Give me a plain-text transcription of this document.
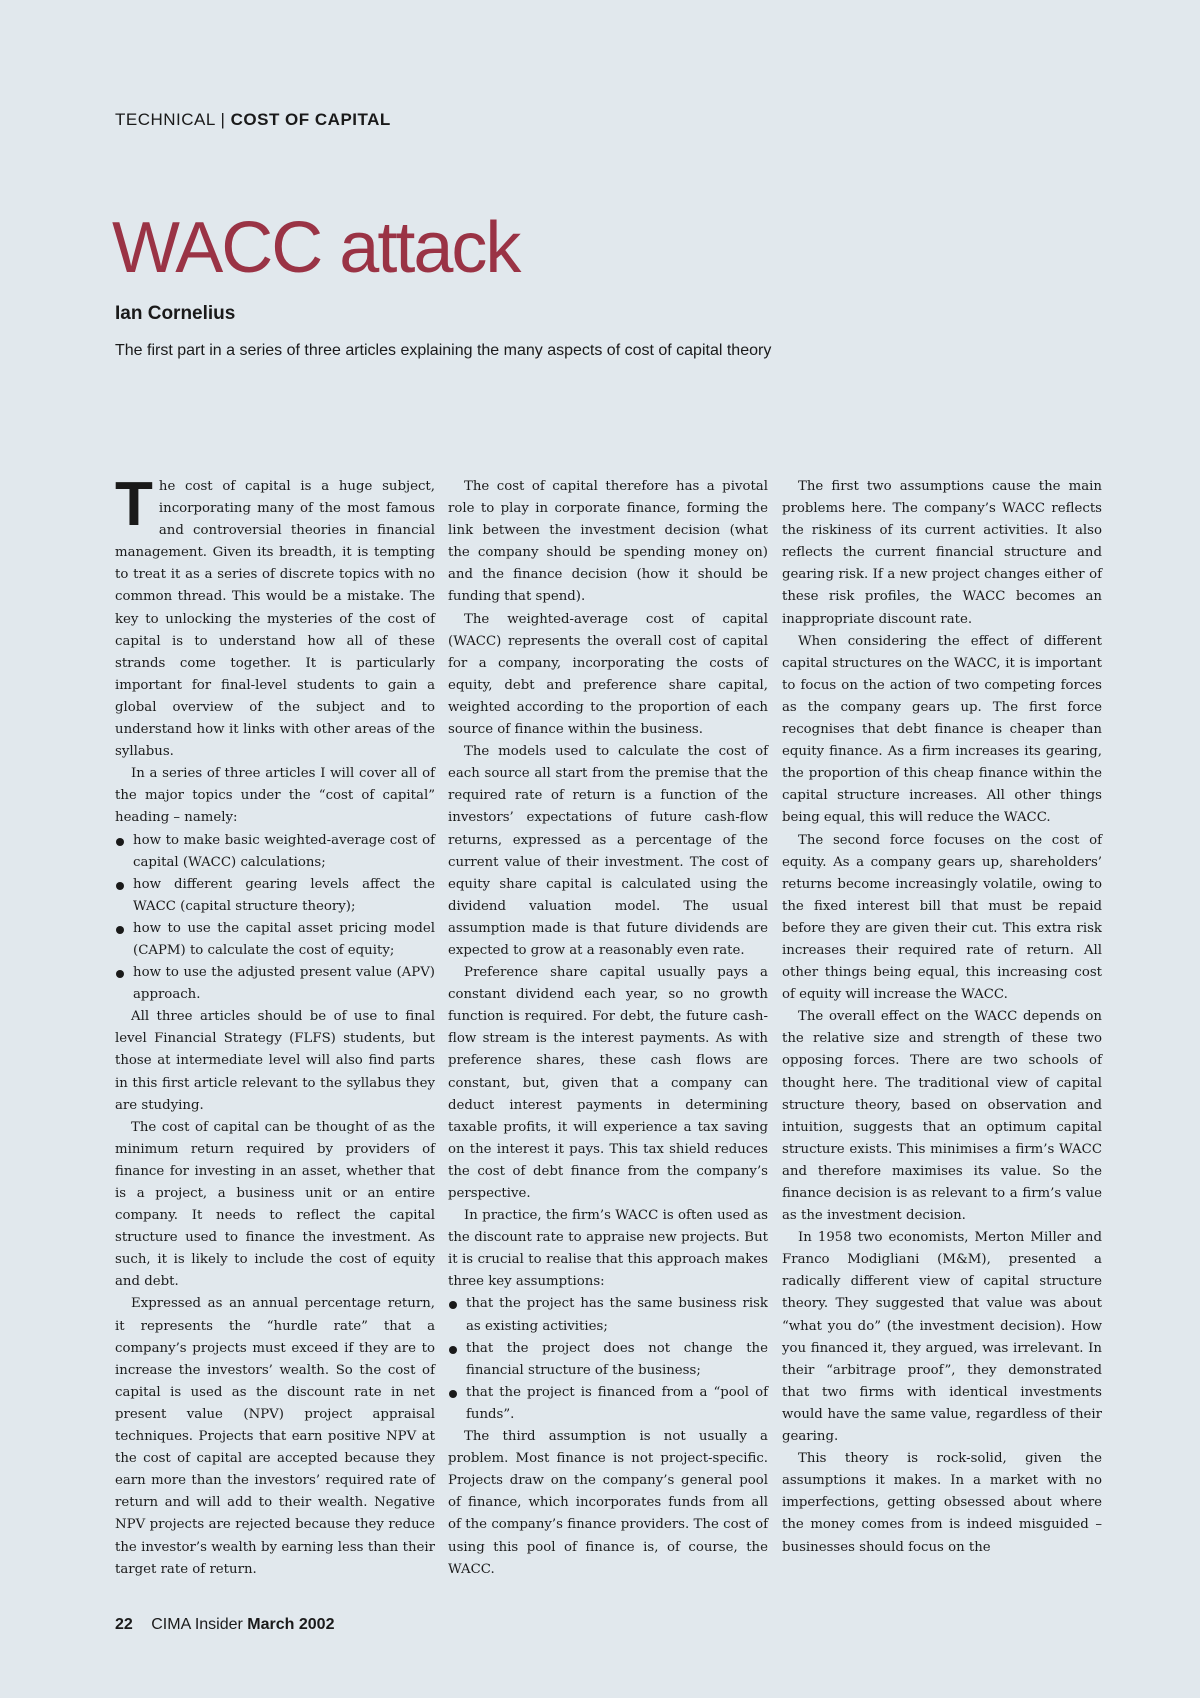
TECHNICAL | COST OF CAPITAL
WACC attack
Ian Cornelius
The first part in a series of three articles explaining the many aspects of cost of capital theory

The cost of capital is a huge subject, incorporating many of the most famous and controversial theories in financial management. Given its breadth, it is tempting to treat it as a series of discrete topics with no common thread. This would be a mistake. The key to unlocking the mysteries of the cost of capital is to understand how all of these strands come together. It is particularly important for final-level students to gain a global overview of the subject and to understand how it links with other areas of the syllabus.

In a series of three articles I will cover all of the major topics under the “cost of capital” heading – namely:

how to make basic weighted-average cost of capital (WACC) calculations;
how different gearing levels affect the WACC (capital structure theory);
how to use the capital asset pricing model (CAPM) to calculate the cost of equity;
how to use the adjusted present value (APV) approach.

All three articles should be of use to final level Financial Strategy (FLFS) students, but those at intermediate level will also find parts in this first article relevant to the syllabus they are studying.

The cost of capital can be thought of as the minimum return required by providers of finance for investing in an asset, whether that is a project, a business unit or an entire company. It needs to reflect the capital structure used to finance the investment. As such, it is likely to include the cost of equity and debt.

Expressed as an annual percentage return, it represents the “hurdle rate” that a company’s projects must exceed if they are to increase the investors’ wealth. So the cost of capital is used as the discount rate in net present value (NPV) project appraisal techniques. Projects that earn positive NPV at the cost of capital are accepted because they earn more than the investors’ required rate of return and will add to their wealth. Negative NPV projects are rejected because they reduce the investor’s wealth by earning less than their target rate of return.

The cost of capital therefore has a pivotal role to play in corporate finance, forming the link between the investment decision (what the company should be spending money on) and the finance decision (how it should be funding that spend).

The weighted-average cost of capital (WACC) represents the overall cost of capital for a company, incorporating the costs of equity, debt and preference share capital, weighted according to the proportion of each source of finance within the business.

The models used to calculate the cost of each source all start from the premise that the required rate of return is a function of the investors’ expectations of future cash-flow returns, expressed as a percentage of the current value of their investment. The cost of equity share capital is calculated using the dividend valuation model. The usual assumption made is that future dividends are expected to grow at a reasonably even rate.

Preference share capital usually pays a constant dividend each year, so no growth function is required. For debt, the future cash-flow stream is the interest payments. As with preference shares, these cash flows are constant, but, given that a company can deduct interest payments in determining taxable profits, it will experience a tax saving on the interest it pays. This tax shield reduces the cost of debt finance from the company’s perspective.

In practice, the firm’s WACC is often used as the discount rate to appraise new projects. But it is crucial to realise that this approach makes three key assumptions:

that the project has the same business risk as existing activities;
that the project does not change the financial structure of the business;
that the project is financed from a “pool of funds”.

The third assumption is not usually a problem. Most finance is not project-specific. Projects draw on the company’s general pool of finance, which incorporates funds from all of the company’s finance providers. The cost of using this pool of finance is, of course, the WACC.

The first two assumptions cause the main problems here. The company’s WACC reflects the riskiness of its current activities. It also reflects the current financial structure and gearing risk. If a new project changes either of these risk profiles, the WACC becomes an inappropriate discount rate.

When considering the effect of different capital structures on the WACC, it is important to focus on the action of two competing forces as the company gears up. The first force recognises that debt finance is cheaper than equity finance. As a firm increases its gearing, the proportion of this cheap finance within the capital structure increases. All other things being equal, this will reduce the WACC.

The second force focuses on the cost of equity. As a company gears up, shareholders’ returns become increasingly volatile, owing to the fixed interest bill that must be repaid before they are given their cut. This extra risk increases their required rate of return. All other things being equal, this increasing cost of equity will increase the WACC.

The overall effect on the WACC depends on the relative size and strength of these two opposing forces. There are two schools of thought here. The traditional view of capital structure theory, based on observation and intuition, suggests that an optimum capital structure exists. This minimises a firm’s WACC and therefore maximises its value. So the finance decision is as relevant to a firm’s value as the investment decision.

In 1958 two economists, Merton Miller and Franco Modigliani (M&M), presented a radically different view of capital structure theory. They suggested that value was about “what you do” (the investment decision). How you financed it, they argued, was irrelevant. In their “arbitrage proof”, they demonstrated that two firms with identical investments would have the same value, regardless of their gearing.

This theory is rock-solid, given the assumptions it makes. In a market with no imperfections, getting obsessed about where the money comes from is indeed misguided – businesses should focus on the

22 CIMA Insider March 2002
